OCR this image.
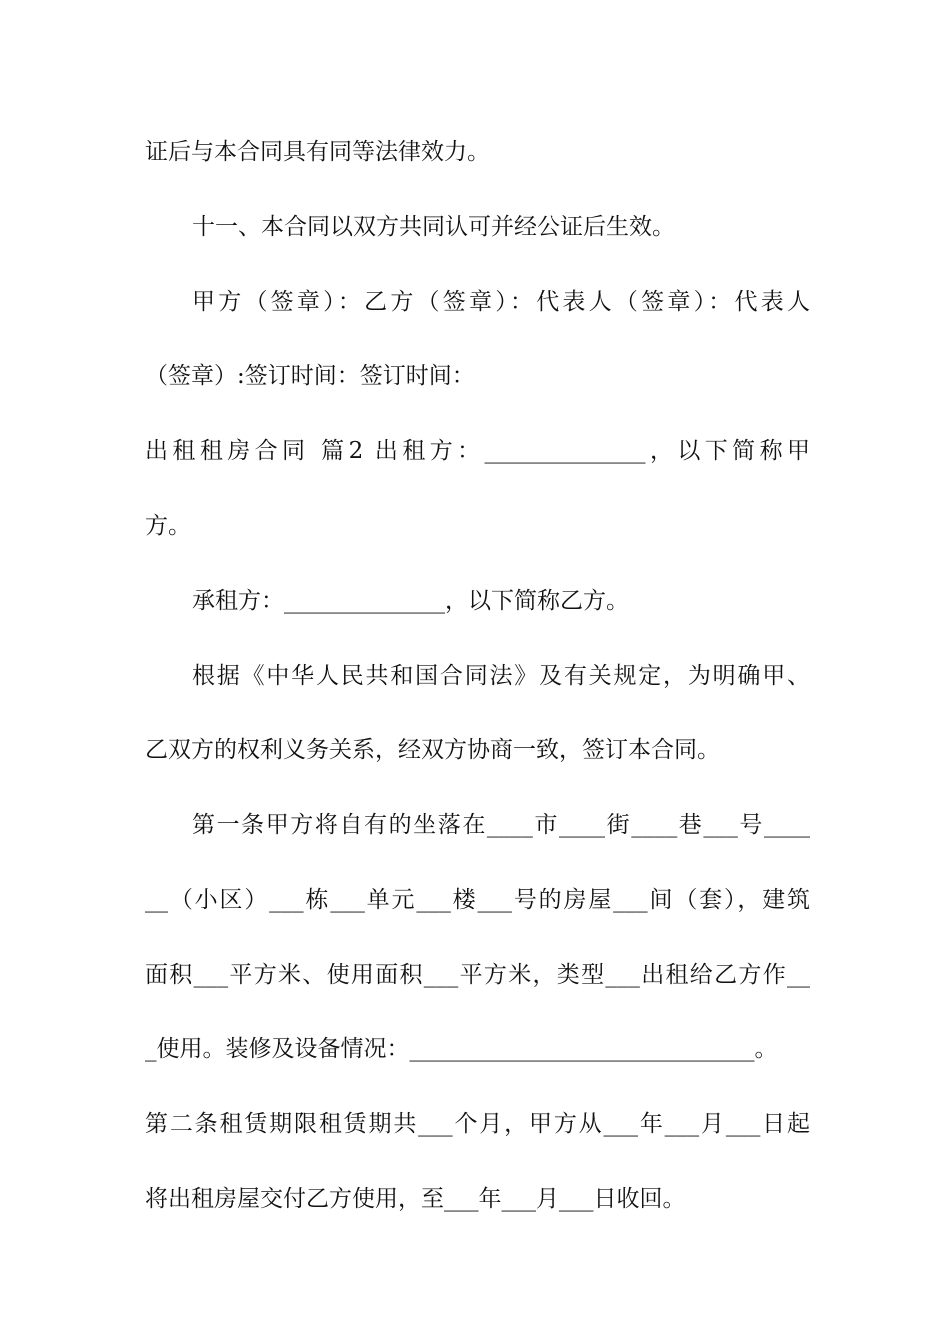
证后与本合同具有同等法律效力。
十一、本合同以双方共同认可并经公证后生效。
甲方（签章）：乙方（签章）：代表人（签章）：代表人
（签章）:签订时间：签订时间：
出租租房合同 篇2 出租方：______________，以下简称甲
方。
承租方：______________，以下简称乙方。
根据《中华人民共和国合同法》及有关规定，为明确甲、
乙双方的权利义务关系，经双方协商一致，签订本合同。
第一条甲方将自有的坐落在____市____街____巷___号____
__（小区）___栋___单元___楼___号的房屋___间（套），建筑
面积___平方米、使用面积___平方米，类型___出租给乙方作__
_使用。装修及设备情况：______________________________。
第二条租赁期限租赁期共___个月，甲方从___年___月___日起
将出租房屋交付乙方使用，至___年___月___日收回。
